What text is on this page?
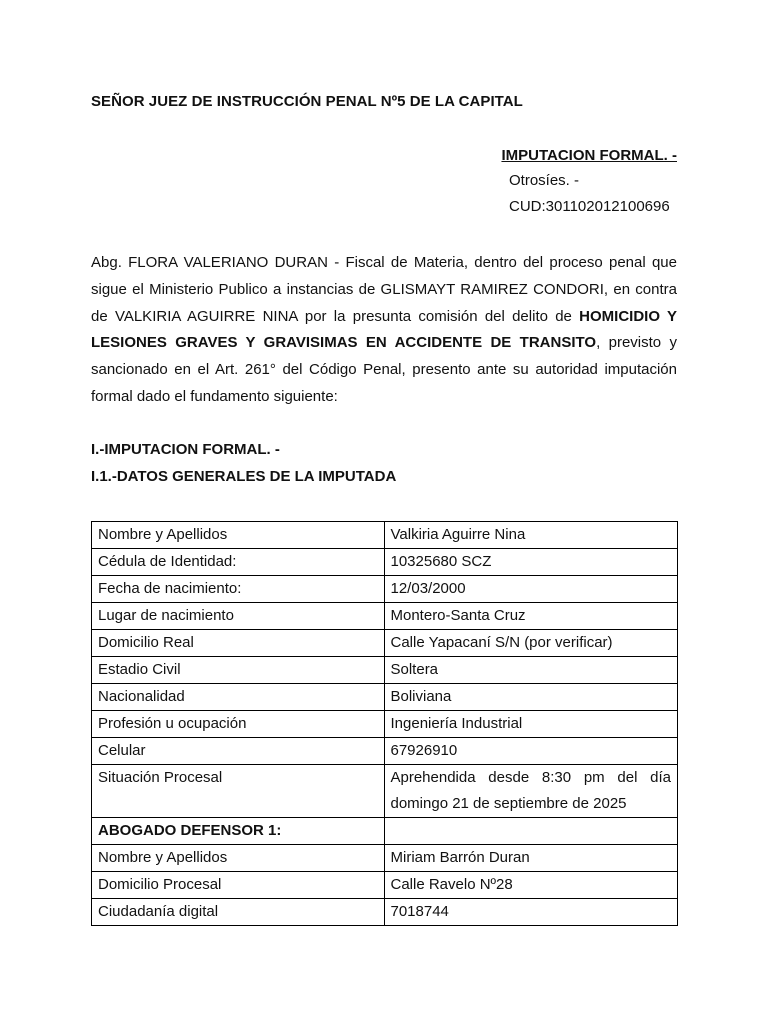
SEÑOR JUEZ DE INSTRUCCIÓN PENAL Nº5 DE LA CAPITAL
IMPUTACION FORMAL. -
Otrosíes. -
CUD:301102012100696

Abg. FLORA VALERIANO DURAN - Fiscal de Materia, dentro del proceso penal que sigue el Ministerio Publico a instancias de GLISMAYT RAMIREZ CONDORI, en contra de VALKIRIA AGUIRRE NINA por la presunta comisión del delito de HOMICIDIO Y LESIONES GRAVES Y GRAVISIMAS EN ACCIDENTE DE TRANSITO, previsto y sancionado en el Art. 261° del Código Penal, presento ante su autoridad imputación formal dado el fundamento siguiente:

I.-IMPUTACION FORMAL. -
I.1.-DATOS GENERALES DE LA IMPUTADA
Nombre y Apellidos	Valkiria Aguirre Nina
Cédula de Identidad:	10325680 SCZ
Fecha de nacimiento:	12/03/2000
Lugar de nacimiento	Montero-Santa Cruz
Domicilio Real	Calle Yapacaní S/N (por verificar)
Estadio Civil	Soltera
Nacionalidad	Boliviana
Profesión u ocupación	Ingeniería Industrial
Celular	67926910
Situación Procesal	Aprehendida desde 8:30 pm del día
domingo 21 de septiembre de 2025

ABOGADO DEFENSOR 1:	
Nombre y Apellidos	Miriam Barrón Duran
Domicilio Procesal	Calle Ravelo Nº28
Ciudadanía digital	7018744
